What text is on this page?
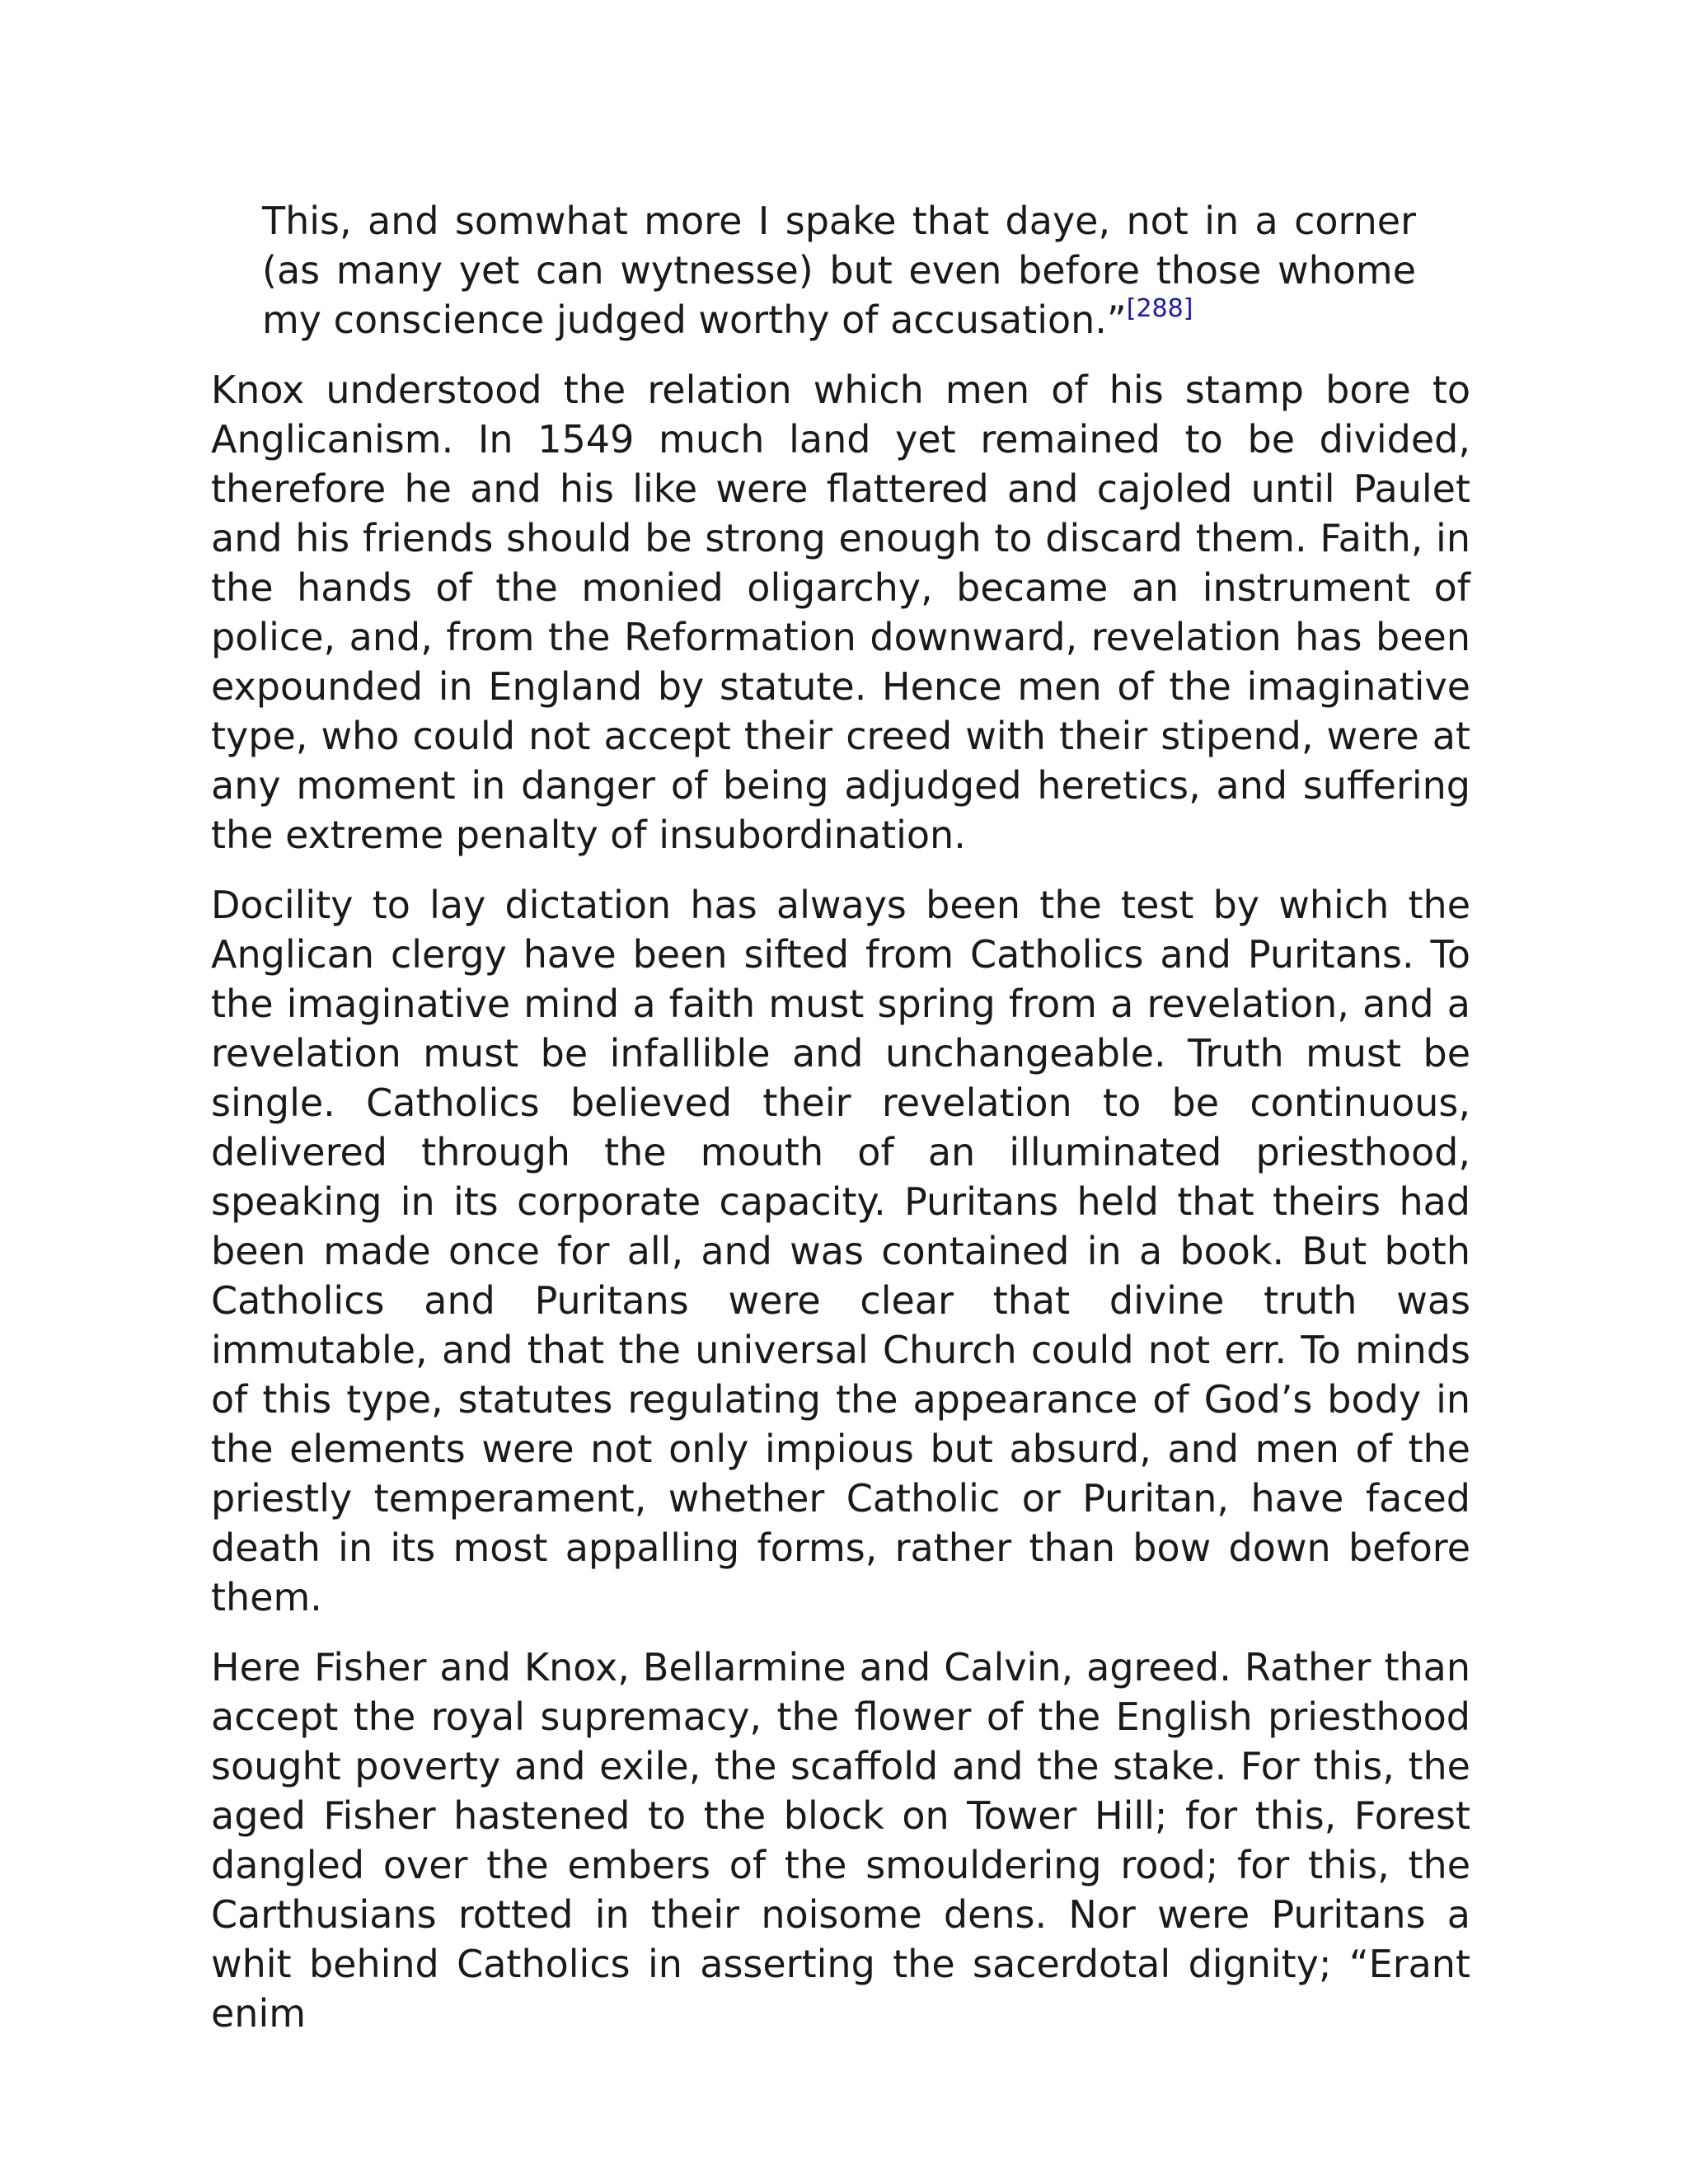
This, and somwhat more I spake that daye, not in a corner (as many yet can wytnesse) but even before those whome my conscience judged worthy of accusation.”[288]

Knox understood the relation which men of his stamp bore to Anglicanism. In 1549 much land yet remained to be divided, therefore he and his like were flattered and cajoled until Paulet and his friends should be strong enough to discard them. Faith, in the hands of the monied oligarchy, became an instrument of police, and, from the Reformation downward, revelation has been expounded in England by statute. Hence men of the imaginative type, who could not accept their creed with their stipend, were at any moment in danger of being adjudged heretics, and suffering the extreme penalty of insubordination.

Docility to lay dictation has always been the test by which the Anglican clergy have been sifted from Catholics and Puritans. To the imaginative mind a faith must spring from a revelation, and a revelation must be infallible and unchangeable. Truth must be single. Catholics believed their revelation to be continuous, delivered through the mouth of an illuminated priesthood, speaking in its corporate capacity. Puritans held that theirs had been made once for all, and was contained in a book. But both Catholics and Puritans were clear that divine truth was immutable, and that the universal Church could not err. To minds of this type, statutes regulating the appearance of God’s body in the elements were not only impious but absurd, and men of the priestly temperament, whether Catholic or Puritan, have faced death in its most appalling forms, rather than bow down before them.

Here Fisher and Knox, Bellarmine and Calvin, agreed. Rather than accept the royal supremacy, the flower of the English priesthood sought poverty and exile, the scaffold and the stake. For this, the aged Fisher hastened to the block on Tower Hill; for this, Forest dangled over the embers of the smouldering rood; for this, the Carthusians rotted in their noisome dens. Nor were Puritans a whit behind Catholics in asserting the sacerdotal dignity; “Erant enim
